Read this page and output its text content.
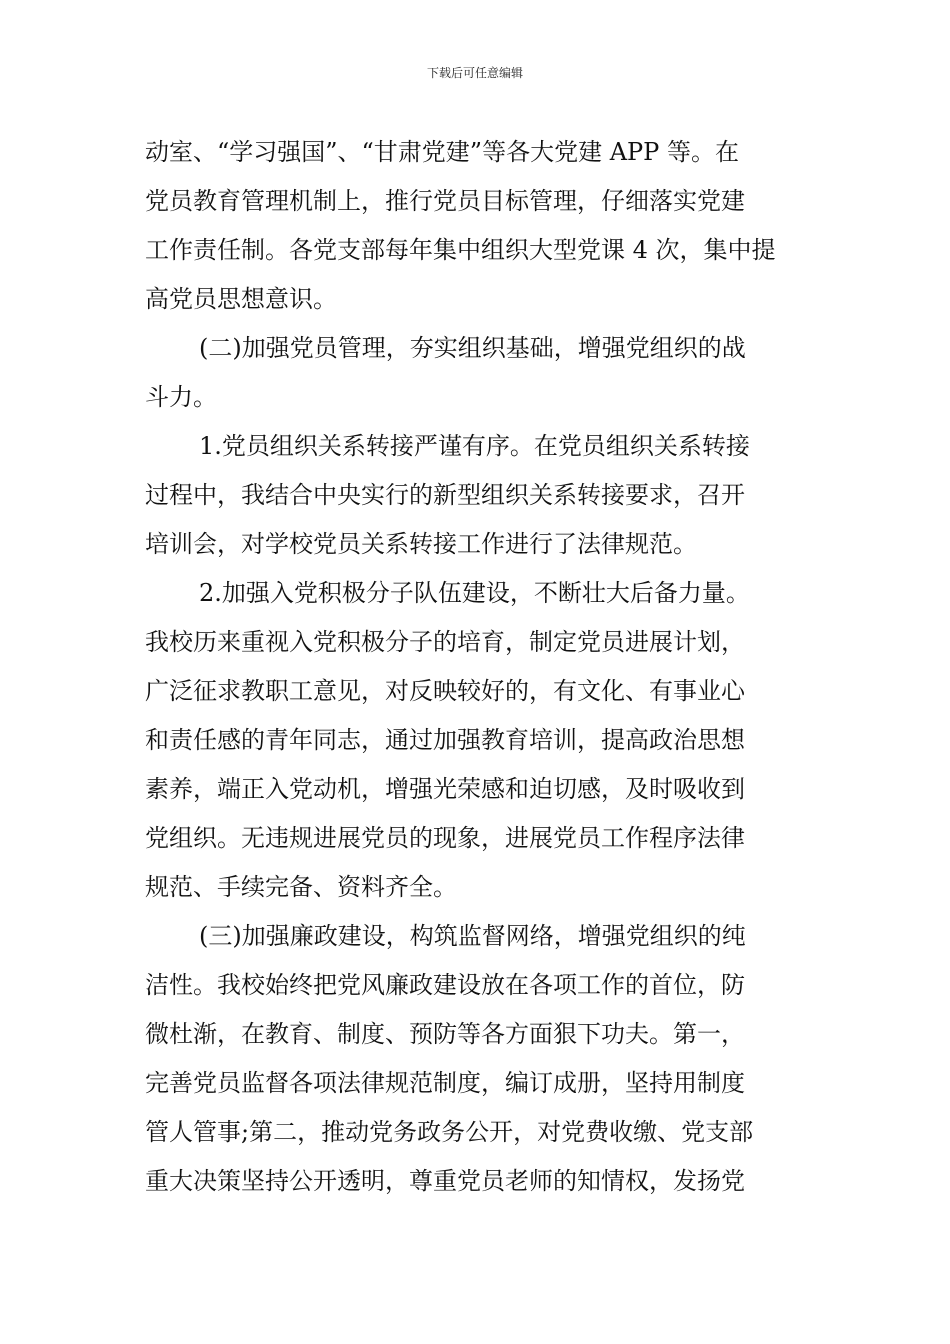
下载后可任意编辑
动室、“学习强国”、“甘肃党建”等各大党建 APP 等。在
党员教育管理机制上，推行党员目标管理，仔细落实党建
工作责任制。各党支部每年集中组织大型党课 4 次，集中提
高党员思想意识。
(二)加强党员管理，夯实组织基础，增强党组织的战
斗力。
1.党员组织关系转接严谨有序。在党员组织关系转接
过程中，我结合中央实行的新型组织关系转接要求，召开
培训会，对学校党员关系转接工作进行了法律规范。
2.加强入党积极分子队伍建设，不断壮大后备力量。
我校历来重视入党积极分子的培育，制定党员进展计划，
广泛征求教职工意见，对反映较好的，有文化、有事业心
和责任感的青年同志，通过加强教育培训，提高政治思想
素养，端正入党动机，增强光荣感和迫切感，及时吸收到
党组织。无违规进展党员的现象，进展党员工作程序法律
规范、手续完备、资料齐全。
(三)加强廉政建设，构筑监督网络，增强党组织的纯
洁性。我校始终把党风廉政建设放在各项工作的首位，防
微杜渐，在教育、制度、预防等各方面狠下功夫。第一，
完善党员监督各项法律规范制度，编订成册，坚持用制度
管人管事;第二，推动党务政务公开，对党费收缴、党支部
重大决策坚持公开透明，尊重党员老师的知情权，发扬党
